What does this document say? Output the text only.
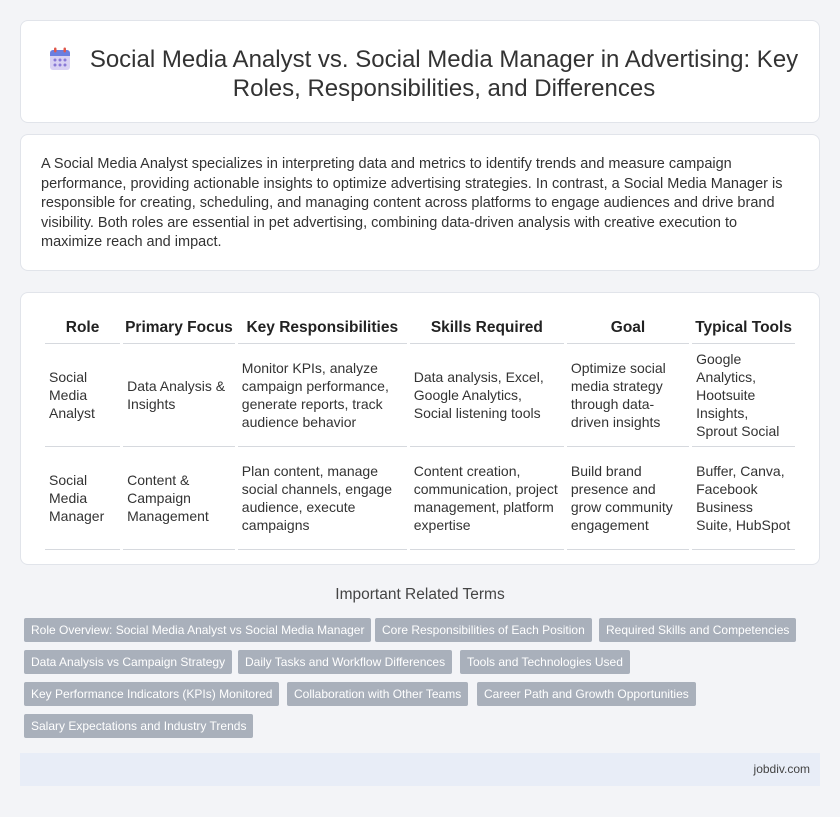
Social Media Analyst vs. Social Media Manager in Advertising: Key Roles, Responsibilities, and Differences

A Social Media Analyst specializes in interpreting data and metrics to identify trends and measure campaign performance, providing actionable insights to optimize advertising strategies. In contrast, a Social Media Manager is responsible for creating, scheduling, and managing content across platforms to engage audiences and drive brand visibility. Both roles are essential in pet advertising, combining data-driven analysis with creative execution to maximize reach and impact.

Role	Primary Focus	Key Responsibilities	Skills Required	Goal	Typical Tools
Social Media Analyst	Data Analysis & Insights	Monitor KPIs, analyze campaign performance, generate reports, track audience behavior	Data analysis, Excel, Google Analytics, Social listening tools	Optimize social media strategy through data-driven insights	Google Analytics, Hootsuite Insights, Sprout Social
Social Media Manager	Content & Campaign Management	Plan content, manage social channels, engage audience, execute campaigns	Content creation, communication, project management, platform expertise	Build brand presence and grow community engagement	Buffer, Canva, Facebook Business Suite, HubSpot
Important Related Terms
Role Overview: Social Media Analyst vs Social Media Manager	Core Responsibilities of Each Position	Required Skills and Competencies
Data Analysis vs Campaign Strategy	Daily Tasks and Workflow Differences	Tools and Technologies Used
Key Performance Indicators (KPIs) Monitored	Collaboration with Other Teams	Career Path and Growth Opportunities
Salary Expectations and Industry Trends
jobdiv.com
